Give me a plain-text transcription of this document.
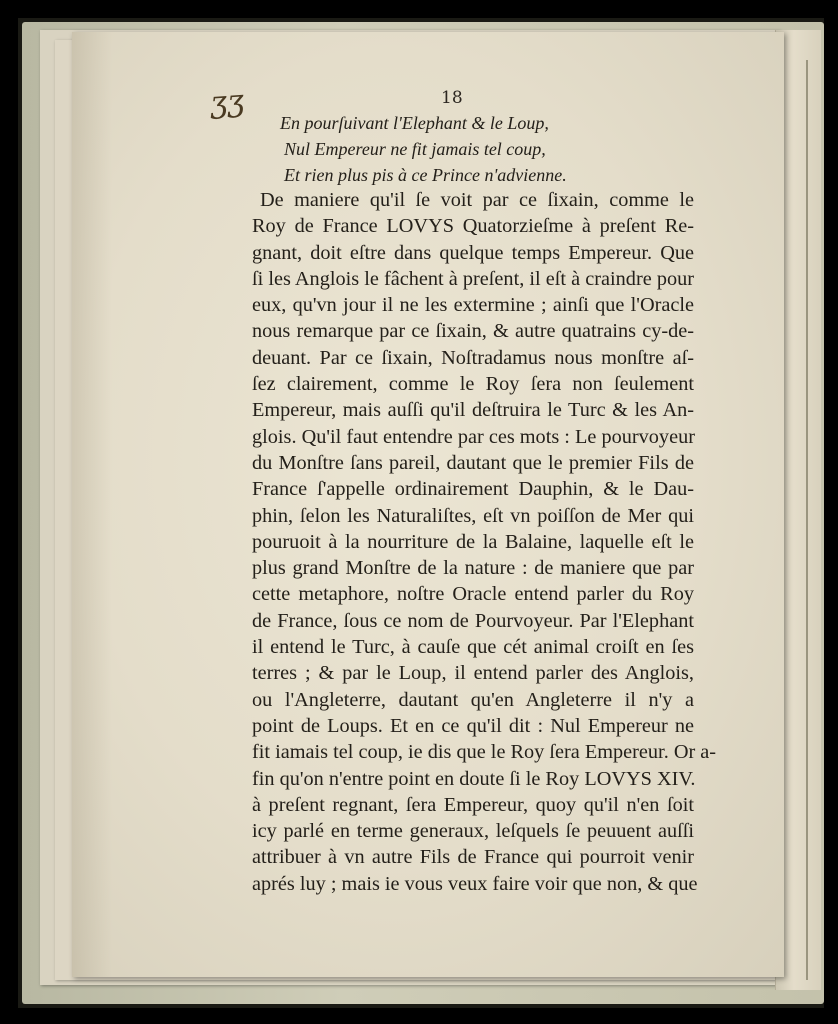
ʒʒ	18
En pourſuivant l'Elephant & le Loup,
Nul Empereur ne fit jamais tel coup,
Et rien plus pis à ce Prince n'advienne.
De maniere qu'il ſe voit par ce ſixain, comme le
Roy de France LOVYS Quatorzieſme à preſent Re-
gnant, doit eſtre dans quelque temps Empereur. Que
ſi les Anglois le fâchent à preſent, il eſt à craindre pour
eux, qu'vn jour il ne les extermine ; ainſi que l'Oracle
nous remarque par ce ſixain, & autre quatrains cy-de-
deuant. Par ce ſixain, Noſtradamus nous monſtre aſ-
ſez clairement, comme le Roy ſera non ſeulement
Empereur, mais auſſi qu'il deſtruira le Turc & les An-
glois. Qu'il faut entendre par ces mots : Le pourvoyeur
du Monſtre ſans pareil, dautant que le premier Fils de
France ſ'appelle ordinairement Dauphin, & le Dau-
phin, ſelon les Naturaliſtes, eſt vn poiſſon de Mer qui
pouruoit à la nourriture de la Balaine, laquelle eſt le
plus grand Monſtre de la nature : de maniere que par
cette metaphore, noſtre Oracle entend parler du Roy
de France, ſous ce nom de Pourvoyeur. Par l'Elephant
il entend le Turc, à cauſe que cét animal croiſt en ſes
terres ; & par le Loup, il entend parler des Anglois,
ou l'Angleterre, dautant qu'en Angleterre il n'y a
point de Loups. Et en ce qu'il dit : Nul Empereur ne
fit iamais tel coup, ie dis que le Roy ſera Empereur. Or a-
fin qu'on n'entre point en doute ſi le Roy LOVYS XIV.
à preſent regnant, ſera Empereur, quoy qu'il n'en ſoit
icy parlé en terme generaux, leſquels ſe peuuent auſſi
attribuer à vn autre Fils de France qui pourroit venir
aprés luy ; mais ie vous veux faire voir que non, & que
